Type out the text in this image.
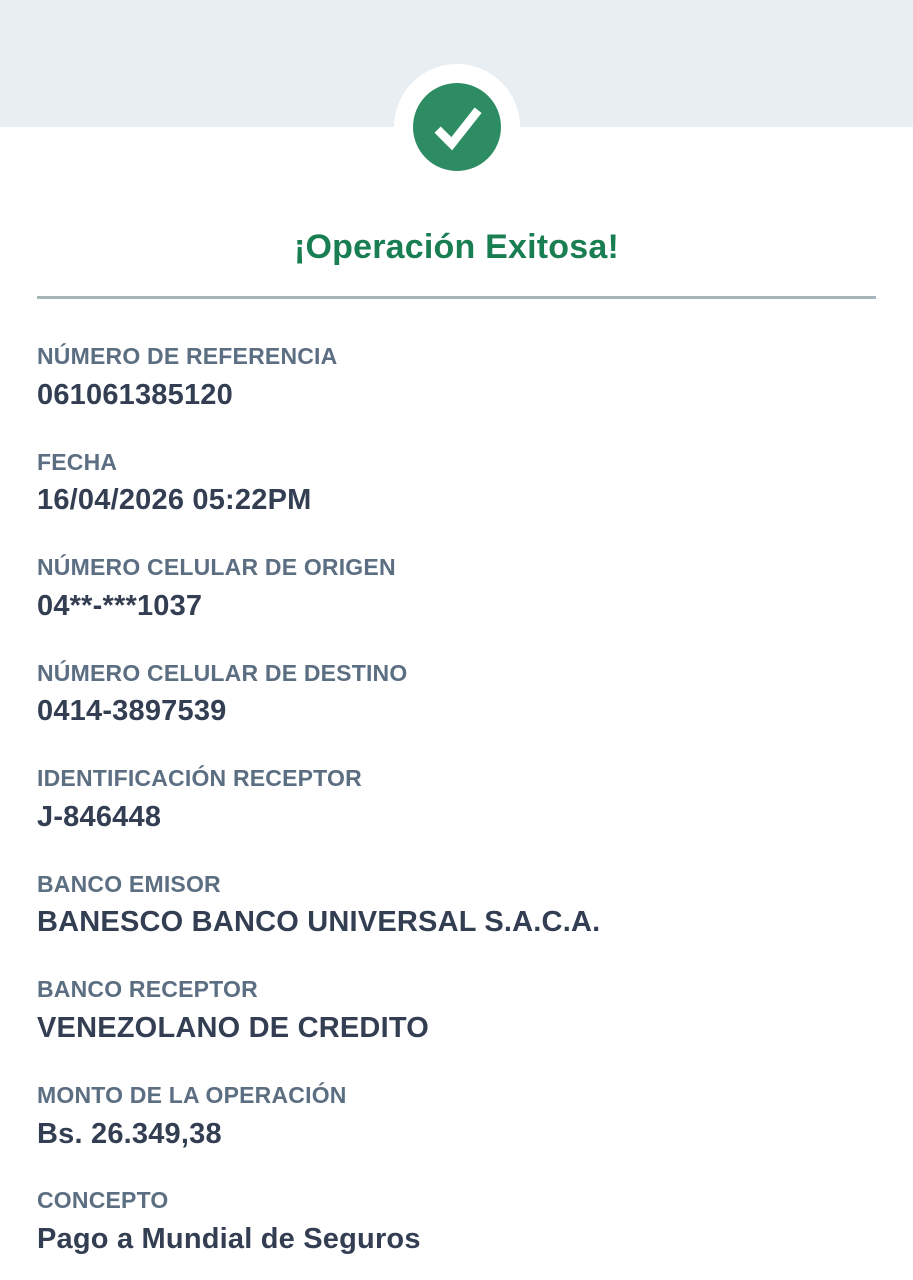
¡Operación Exitosa!
NÚMERO DE REFERENCIA
061061385120
FECHA
16/04/2026 05:22PM
NÚMERO CELULAR DE ORIGEN
04**-***1037
NÚMERO CELULAR DE DESTINO
0414-3897539
IDENTIFICACIÓN RECEPTOR
J-846448
BANCO EMISOR
BANESCO BANCO UNIVERSAL S.A.C.A.
BANCO RECEPTOR
VENEZOLANO DE CREDITO
MONTO DE LA OPERACIÓN
Bs. 26.349,38
CONCEPTO
Pago a Mundial de Seguros
